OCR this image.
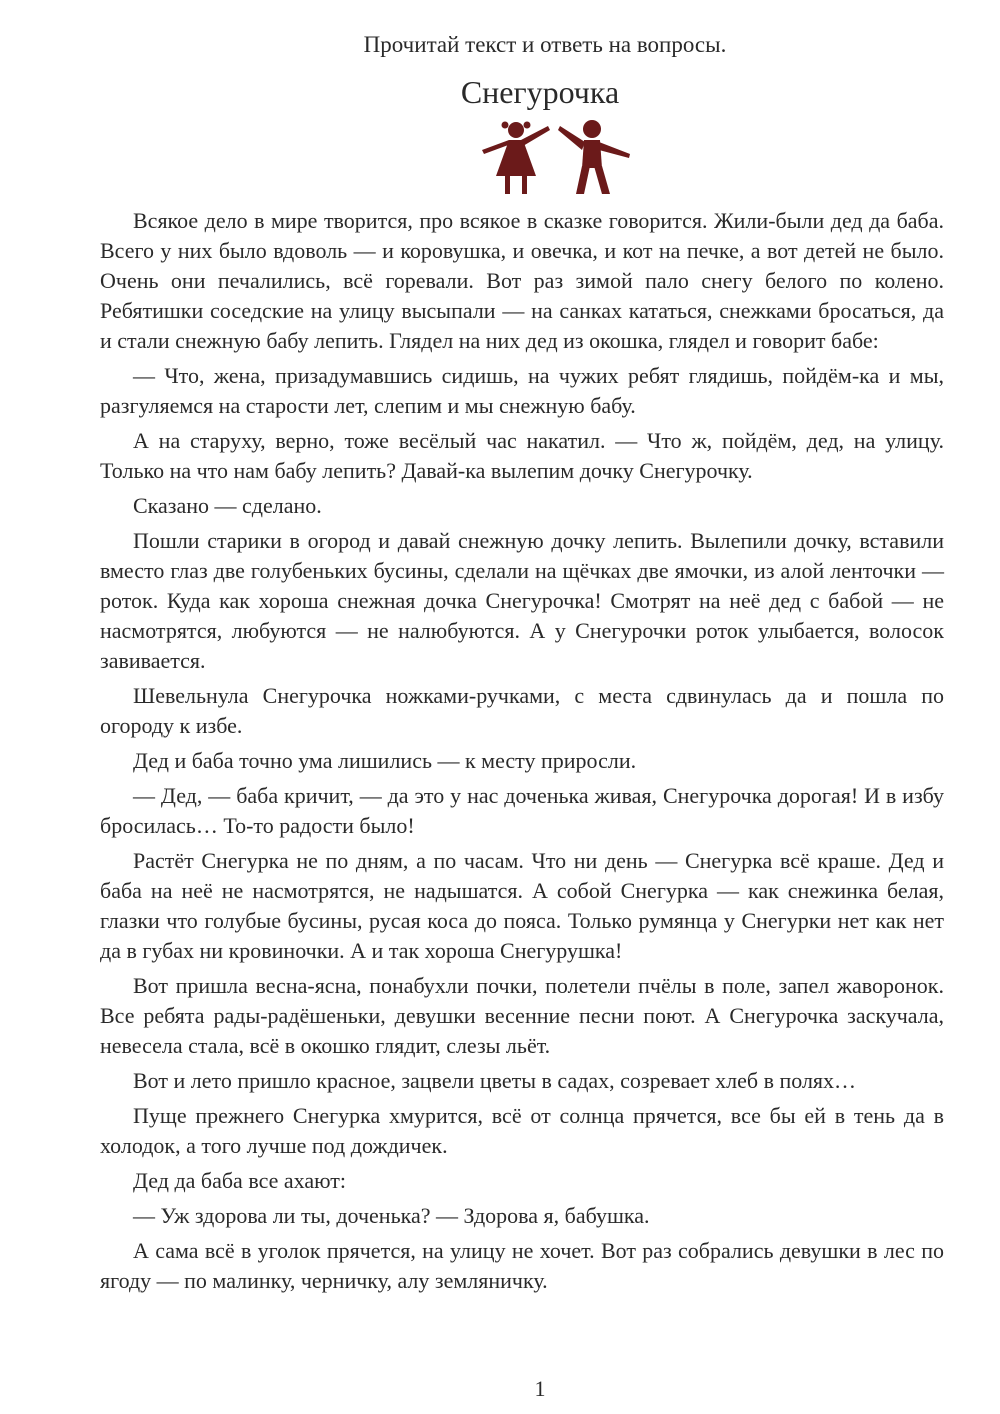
Прочитай текст и ответь на вопросы.
Снегурочка

Всякое дело в мире творится, про всякое в сказке говорится. Жили-были дед да баба. Всего у них было вдоволь — и коровушка, и овечка, и кот на печке, а вот детей не было. Очень они печалились, всё горевали. Вот раз зимой пало снегу белого по колено. Ребятишки соседские на улицу высыпали — на санках кататься, снежками бросаться, да и стали снежную бабу лепить. Глядел на них дед из окошка, глядел и говорит бабе:

— Что, жена, призадумавшись сидишь, на чужих ребят глядишь, пойдём-ка и мы, разгуляемся на старости лет, слепим и мы снежную бабу.

А на старуху, верно, тоже весёлый час накатил. — Что ж, пойдём, дед, на улицу. Только на что нам бабу лепить? Давай-ка вылепим дочку Снегурочку.

Сказано — сделано.

Пошли старики в огород и давай снежную дочку лепить. Вылепили дочку, вставили вместо глаз две голубеньких бусины, сделали на щёчках две ямочки, из алой ленточки — роток. Куда как хороша снежная дочка Снегурочка! Смотрят на неё дед с бабой — не насмотрятся, любуются — не налюбуются. А у Снегурочки роток улыбается, волосок завивается.

Шевельнула Снегурочка ножками-ручками, с места сдвинулась да и пошла по огороду к избе.

Дед и баба точно ума лишились — к месту приросли.

— Дед, — баба кричит, — да это у нас доченька живая, Снегурочка дорогая! И в избу бросилась… То-то радости было!

Растёт Снегурка не по дням, а по часам. Что ни день — Снегурка всё краше. Дед и баба на неё не насмотрятся, не надышатся. А собой Снегурка — как снежинка белая, глазки что голубые бусины, русая коса до пояса. Только румянца у Снегурки нет как нет да в губах ни кровиночки. А и так хороша Снегурушка!

Вот пришла весна-ясна, понабухли почки, полетели пчёлы в поле, запел жаворонок. Все ребята рады-радёшеньки, девушки весенние песни поют. А Снегурочка заскучала, невесела стала, всё в окошко глядит, слезы льёт.

Вот и лето пришло красное, зацвели цветы в садах, созревает хлеб в полях…

Пуще прежнего Снегурка хмурится, всё от солнца прячется, все бы ей в тень да в холодок, а того лучше под дождичек.

Дед да баба все ахают:

— Уж здорова ли ты, доченька? — Здорова я, бабушка.

А сама всё в уголок прячется, на улицу не хочет. Вот раз собрались девушки в лес по ягоду — по малинку, черничку, алу земляничку.

1
